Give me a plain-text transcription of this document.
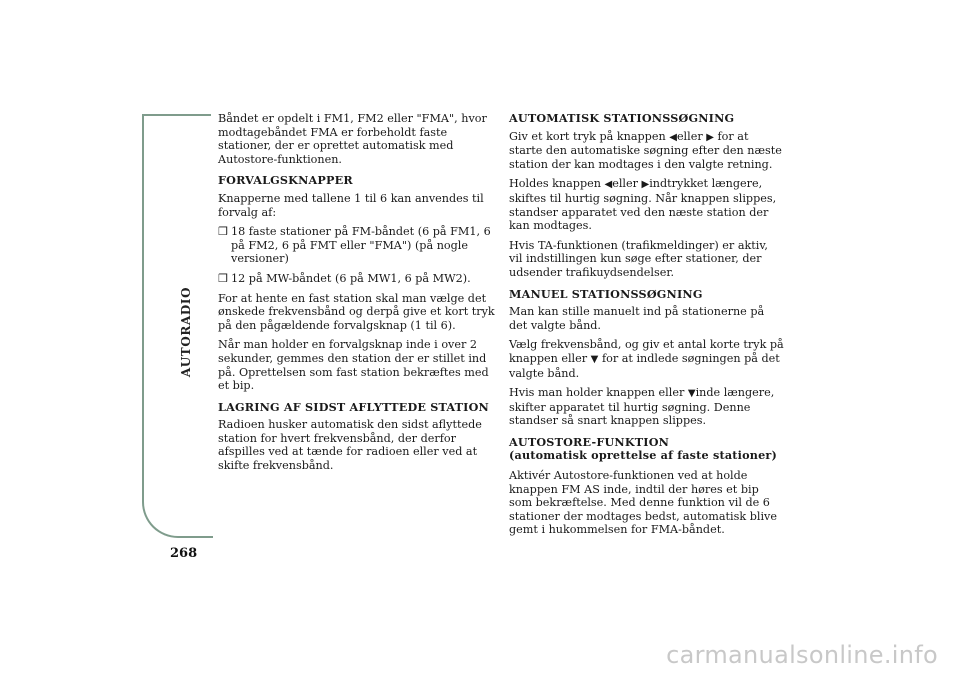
AUTORADIO
268

Båndet er opdelt i FM1, FM2 eller "FMA", hvor modtagebåndet FMA er forbeholdt faste stationer, der er oprettet automatisk med Autostore-funktionen.

FORVALGSKNAPPER

Knapperne med tallene 1 til 6 kan anvendes til forvalg af:

❒ 18 faste stationer på FM-båndet (6 på FM1, 6 på FM2, 6 på FMT eller "FMA") (på nogle versioner)
❒ 12 på MW-båndet (6 på MW1, 6 på MW2).

For at hente en fast station skal man vælge det ønskede frekvensbånd og derpå give et kort tryk på den pågældende forvalgsknap (1 til 6).

Når man holder en forvalgsknap inde i over 2 sekunder, gemmes den station der er stillet ind på. Oprettelsen som fast station bekræftes med et bip.

LAGRING AF SIDST AFLYTTEDE STATION

Radioen husker automatisk den sidst aflyttede station for hvert frekvensbånd, der derfor afspilles ved at tænde for radioen eller ved at skifte frekvensbånd.

AUTOMATISK STATIONSSØGNING

Giv et kort tryk på knappen ◀eller ▶ for at starte den automatiske søgning efter den næste station der kan modtages i den valgte retning.

Holdes knappen ◀eller ▶indtrykket længere, skiftes til hurtig søgning. Når knappen slippes, standser apparatet ved den næste station der kan modtages.

Hvis TA-funktionen (trafikmeldinger) er aktiv, vil indstillingen kun søge efter stationer, der udsender trafikuydsendelser.

MANUEL STATIONSSØGNING

Man kan stille manuelt ind på stationerne på det valgte bånd.

Vælg frekvensbånd, og giv et antal korte tryk på knappen eller ▼ for at indlede søgningen på det valgte bånd.

Hvis man holder knappen eller ▼inde længere, skifter apparatet til hurtig søgning. Denne standser så snart knappen slippes.

AUTOSTORE-FUNKTION
(automatisk oprettelse af faste stationer)

Aktivér Autostore-funktionen ved at holde knappen FM AS inde, indtil der høres et bip som bekræftelse. Med denne funktion vil de 6 stationer der modtages bedst, automatisk blive gemt i hukommelsen for FMA-båndet.

carmanualsonline.info
